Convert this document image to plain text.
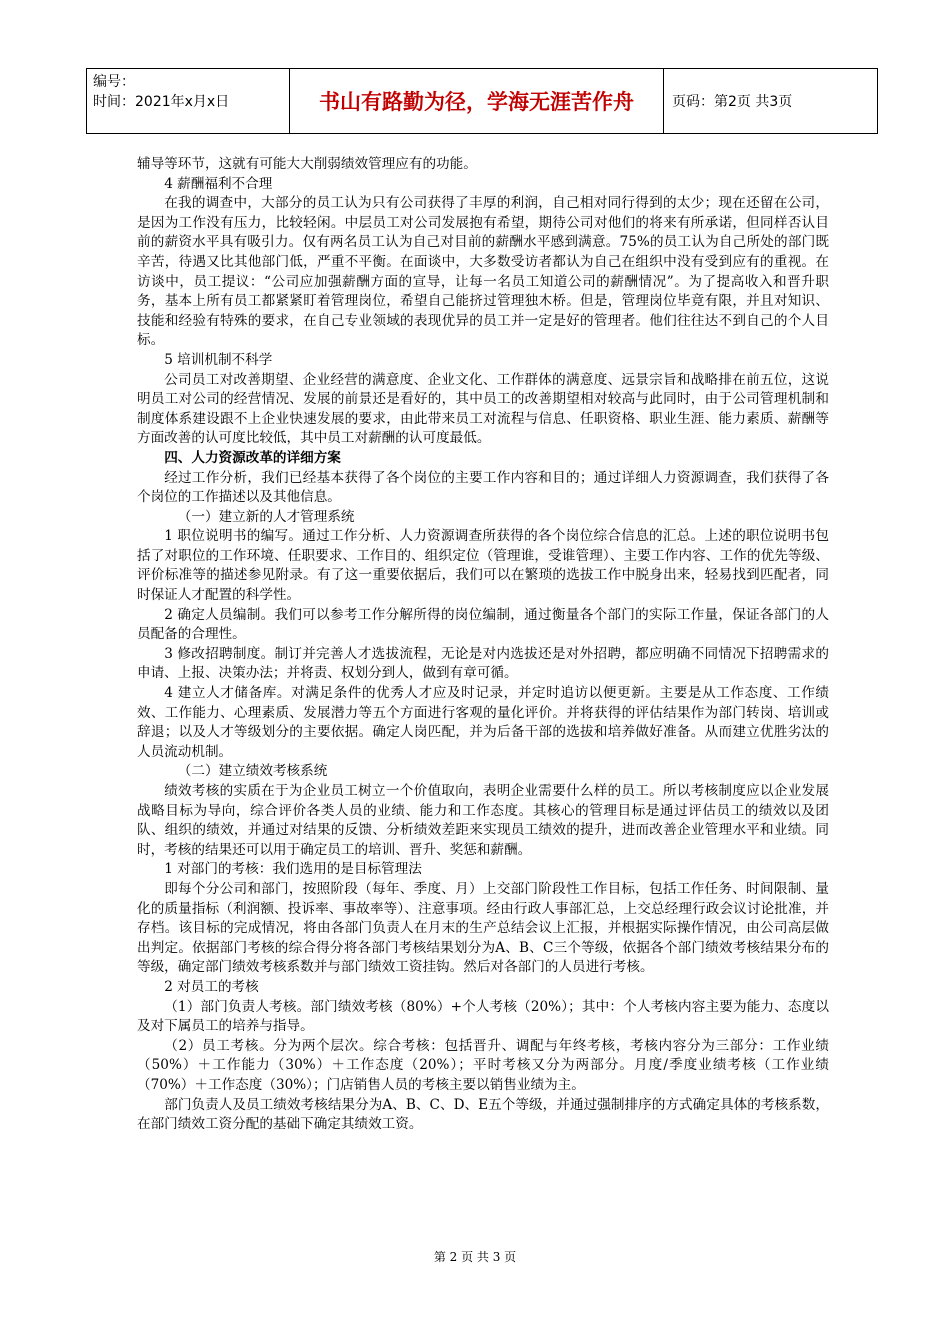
编号：
时间：2021年x月x日	书山有路勤为径，学海无涯苦作舟	页码：第2页 共3页

辅导等环节，这就有可能大大削弱绩效管理应有的功能。

4 薪酬福利不合理

在我的调查中，大部分的员工认为只有公司获得了丰厚的利润，自己相对同行得到的太少；现在还留在公司，是因为工作没有压力，比较轻闲。中层员工对公司发展抱有希望，期待公司对他们的将来有所承诺，但同样否认目前的薪资水平具有吸引力。仅有两名员工认为自己对目前的薪酬水平感到满意。75%的员工认为自己所处的部门既辛苦，待遇又比其他部门低，严重不平衡。在面谈中，大多数受访者都认为自己在组织中没有受到应有的重视。在访谈中，员工提议：“公司应加强薪酬方面的宣导，让每一名员工知道公司的薪酬情况”。为了提高收入和晋升职务，基本上所有员工都紧紧盯着管理岗位，希望自己能挤过管理独木桥。但是，管理岗位毕竟有限，并且对知识、技能和经验有特殊的要求，在自己专业领域的表现优异的员工并一定是好的管理者。他们往往达不到自己的个人目标。

5 培训机制不科学

公司员工对改善期望、企业经营的满意度、企业文化、工作群体的满意度、远景宗旨和战略排在前五位，这说明员工对公司的经营情况、发展的前景还是看好的，其中员工的改善期望相对较高与此同时，由于公司管理机制和制度体系建设跟不上企业快速发展的要求，由此带来员工对流程与信息、任职资格、职业生涯、能力素质、薪酬等方面改善的认可度比较低，其中员工对薪酬的认可度最低。

四、人力资源改革的详细方案

经过工作分析，我们已经基本获得了各个岗位的主要工作内容和目的；通过详细人力资源调查，我们获得了各个岗位的工作描述以及其他信息。

（一）建立新的人才管理系统

1 职位说明书的编写。通过工作分析、人力资源调查所获得的各个岗位综合信息的汇总。上述的职位说明书包括了对职位的工作环境、任职要求、工作目的、组织定位（管理谁，受谁管理）、主要工作内容、工作的优先等级、评价标准等的描述参见附录。有了这一重要依据后，我们可以在繁琐的选拔工作中脱身出来，轻易找到匹配者，同时保证人才配置的科学性。

2 确定人员编制。我们可以参考工作分解所得的岗位编制，通过衡量各个部门的实际工作量，保证各部门的人员配备的合理性。

3 修改招聘制度。制订并完善人才选拔流程，无论是对内选拔还是对外招聘，都应明确不同情况下招聘需求的申请、上报、决策办法；并将责、权划分到人，做到有章可循。

4 建立人才储备库。对满足条件的优秀人才应及时记录，并定时追访以便更新。主要是从工作态度、工作绩效、工作能力、心理素质、发展潜力等五个方面进行客观的量化评价。并将获得的评估结果作为部门转岗、培训或辞退；以及人才等级划分的主要依据。确定人岗匹配，并为后备干部的选拔和培养做好准备。从而建立优胜劣汰的人员流动机制。

（二）建立绩效考核系统

绩效考核的实质在于为企业员工树立一个价值取向，表明企业需要什么样的员工。所以考核制度应以企业发展战略目标为导向，综合评价各类人员的业绩、能力和工作态度。其核心的管理目标是通过评估员工的绩效以及团队、组织的绩效，并通过对结果的反馈、分析绩效差距来实现员工绩效的提升，进而改善企业管理水平和业绩。同时，考核的结果还可以用于确定员工的培训、晋升、奖惩和薪酬。

1 对部门的考核：我们选用的是目标管理法

即每个分公司和部门，按照阶段（每年、季度、月）上交部门阶段性工作目标，包括工作任务、时间限制、量化的质量指标（利润额、投诉率、事故率等）、注意事项。经由行政人事部汇总，上交总经理行政会议讨论批准，并存档。该目标的完成情况，将由各部门负责人在月末的生产总结会议上汇报，并根据实际操作情况，由公司高层做出判定。依据部门考核的综合得分将各部门考核结果划分为A、B、C三个等级，依据各个部门绩效考核结果分布的等级，确定部门绩效考核系数并与部门绩效工资挂钩。然后对各部门的人员进行考核。

2 对员工的考核

（1）部门负责人考核。部门绩效考核（80%）+个人考核（20%）；其中：个人考核内容主要为能力、态度以及对下属员工的培养与指导。

（2）员工考核。分为两个层次。综合考核：包括晋升、调配与年终考核，考核内容分为三部分：工作业绩（50%）＋工作能力（30%）＋工作态度（20%）；平时考核又分为两部分。月度/季度业绩考核（工作业绩（70%）＋工作态度（30%）；门店销售人员的考核主要以销售业绩为主。

部门负责人及员工绩效考核结果分为A、B、C、D、E五个等级，并通过强制排序的方式确定具体的考核系数，在部门绩效工资分配的基础下确定其绩效工资。

第 2 页 共 3 页
